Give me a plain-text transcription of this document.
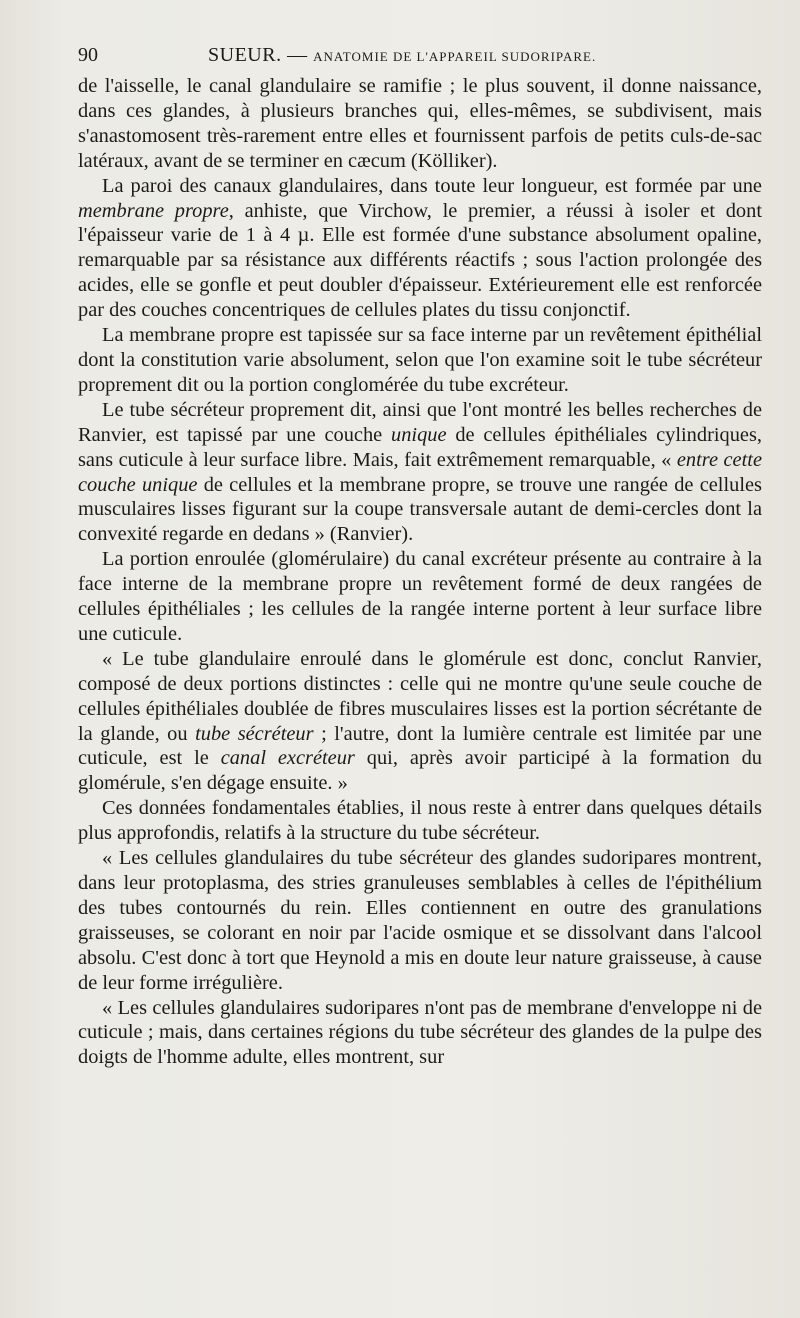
90	SUEUR. — ANATOMIE DE L'APPAREIL SUDORIPARE.

de l'aisselle, le canal glandulaire se ramifie ; le plus souvent, il donne naissance, dans ces glandes, à plusieurs branches qui, elles-mêmes, se subdivisent, mais s'anastomosent très-rarement entre elles et fournissent parfois de petits culs-de-sac latéraux, avant de se terminer en cæcum (Kölliker).

La paroi des canaux glandulaires, dans toute leur longueur, est formée par une membrane propre, anhiste, que Virchow, le premier, a réussi à isoler et dont l'épaisseur varie de 1 à 4 µ. Elle est formée d'une substance absolument opaline, remarquable par sa résistance aux différents réactifs ; sous l'action prolongée des acides, elle se gonfle et peut doubler d'épaisseur. Extérieurement elle est renforcée par des couches concentriques de cellules plates du tissu conjonctif.

La membrane propre est tapissée sur sa face interne par un revêtement épithélial dont la constitution varie absolument, selon que l'on examine soit le tube sécréteur proprement dit ou la portion conglomérée du tube excréteur.

Le tube sécréteur proprement dit, ainsi que l'ont montré les belles recherches de Ranvier, est tapissé par une couche unique de cellules épithéliales cylindriques, sans cuticule à leur surface libre. Mais, fait extrêmement remarquable, « entre cette couche unique de cellules et la membrane propre, se trouve une rangée de cellules musculaires lisses figurant sur la coupe transversale autant de demi-cercles dont la convexité regarde en dedans » (Ranvier).

La portion enroulée (glomérulaire) du canal excréteur présente au contraire à la face interne de la membrane propre un revêtement formé de deux rangées de cellules épithéliales ; les cellules de la rangée interne portent à leur surface libre une cuticule.

« Le tube glandulaire enroulé dans le glomérule est donc, conclut Ranvier, composé de deux portions distinctes : celle qui ne montre qu'une seule couche de cellules épithéliales doublée de fibres musculaires lisses est la portion sécrétante de la glande, ou tube sécréteur ; l'autre, dont la lumière centrale est limitée par une cuticule, est le canal excréteur qui, après avoir participé à la formation du glomérule, s'en dégage ensuite. »

Ces données fondamentales établies, il nous reste à entrer dans quelques détails plus approfondis, relatifs à la structure du tube sécréteur.

« Les cellules glandulaires du tube sécréteur des glandes sudoripares montrent, dans leur protoplasma, des stries granuleuses semblables à celles de l'épithélium des tubes contournés du rein. Elles contiennent en outre des granulations graisseuses, se colorant en noir par l'acide osmique et se dissolvant dans l'alcool absolu. C'est donc à tort que Heynold a mis en doute leur nature graisseuse, à cause de leur forme irrégulière.

« Les cellules glandulaires sudoripares n'ont pas de membrane d'enveloppe ni de cuticule ; mais, dans certaines régions du tube sécréteur des glandes de la pulpe des doigts de l'homme adulte, elles montrent, sur
